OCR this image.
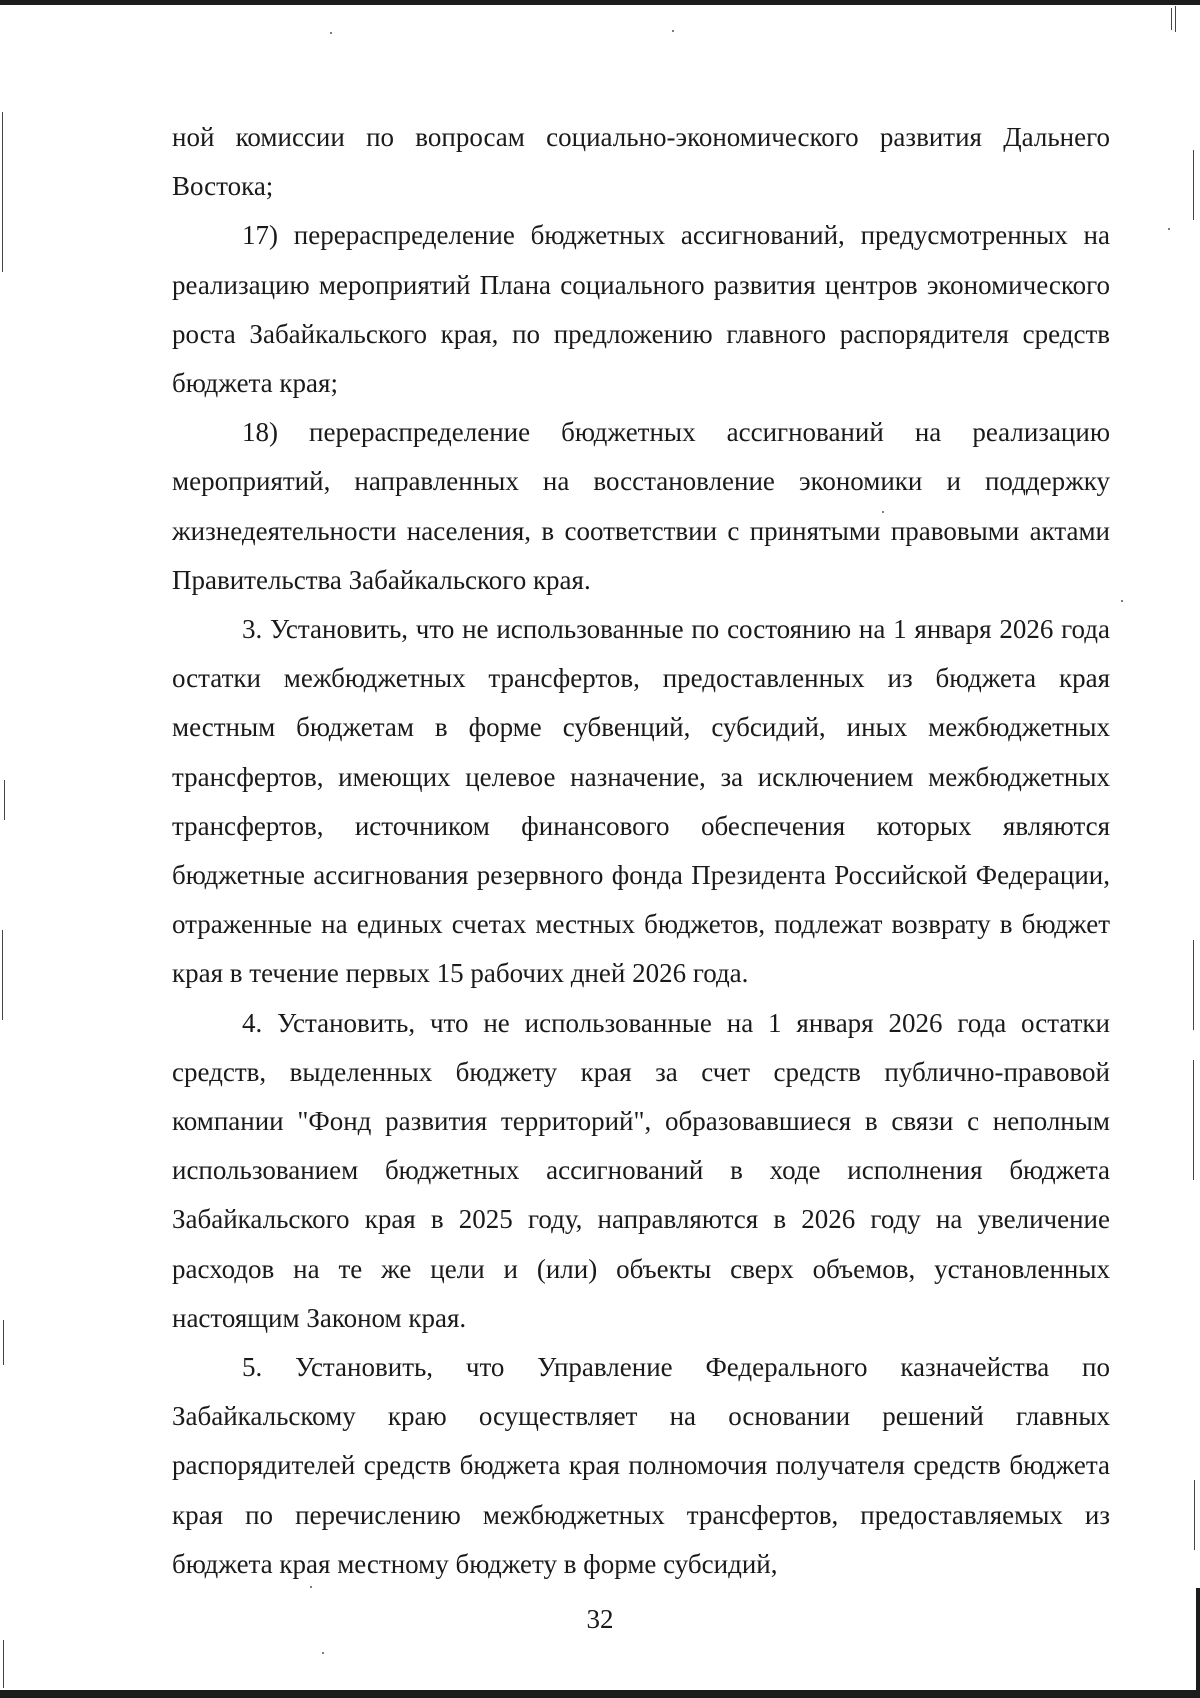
ной комиссии по вопросам социально-экономического развития Дальнего Востока;

17) перераспределение бюджетных ассигнований, предусмотренных на реализацию мероприятий Плана социального развития центров экономического роста Забайкальского края, по предложению главного распорядителя средств бюджета края;

18) перераспределение бюджетных ассигнований на реализацию мероприятий, направленных на восстановление экономики и поддержку жизнедеятельности населения, в соответствии с принятыми правовыми актами Правительства Забайкальского края.

3. Установить, что не использованные по состоянию на 1 января 2026 года остатки межбюджетных трансфертов, предоставленных из бюджета края местным бюджетам в форме субвенций, субсидий, иных межбюджетных трансфертов, имеющих целевое назначение, за исключением межбюджетных трансфертов, источником финансового обеспечения которых являются бюджетные ассигнования резервного фонда Президента Российской Федерации, отраженные на единых счетах местных бюджетов, подлежат возврату в бюджет края в течение первых 15 рабочих дней 2026 года.

4. Установить, что не использованные на 1 января 2026 года остатки средств, выделенных бюджету края за счет средств публично-правовой компании "Фонд развития территорий", образовавшиеся в связи с неполным использованием бюджетных ассигнований в ходе исполнения бюджета Забайкальского края в 2025 году, направляются в 2026 году на увеличение расходов на те же цели и (или) объекты сверх объемов, установленных настоящим Законом края.

5. Установить, что Управление Федерального казначейства по Забайкальскому краю осуществляет на основании решений главных распорядителей средств бюджета края полномочия получателя средств бюджета края по перечислению межбюджетных трансфертов, предоставляемых из бюджета края местному бюджету в форме субсидий,

32
